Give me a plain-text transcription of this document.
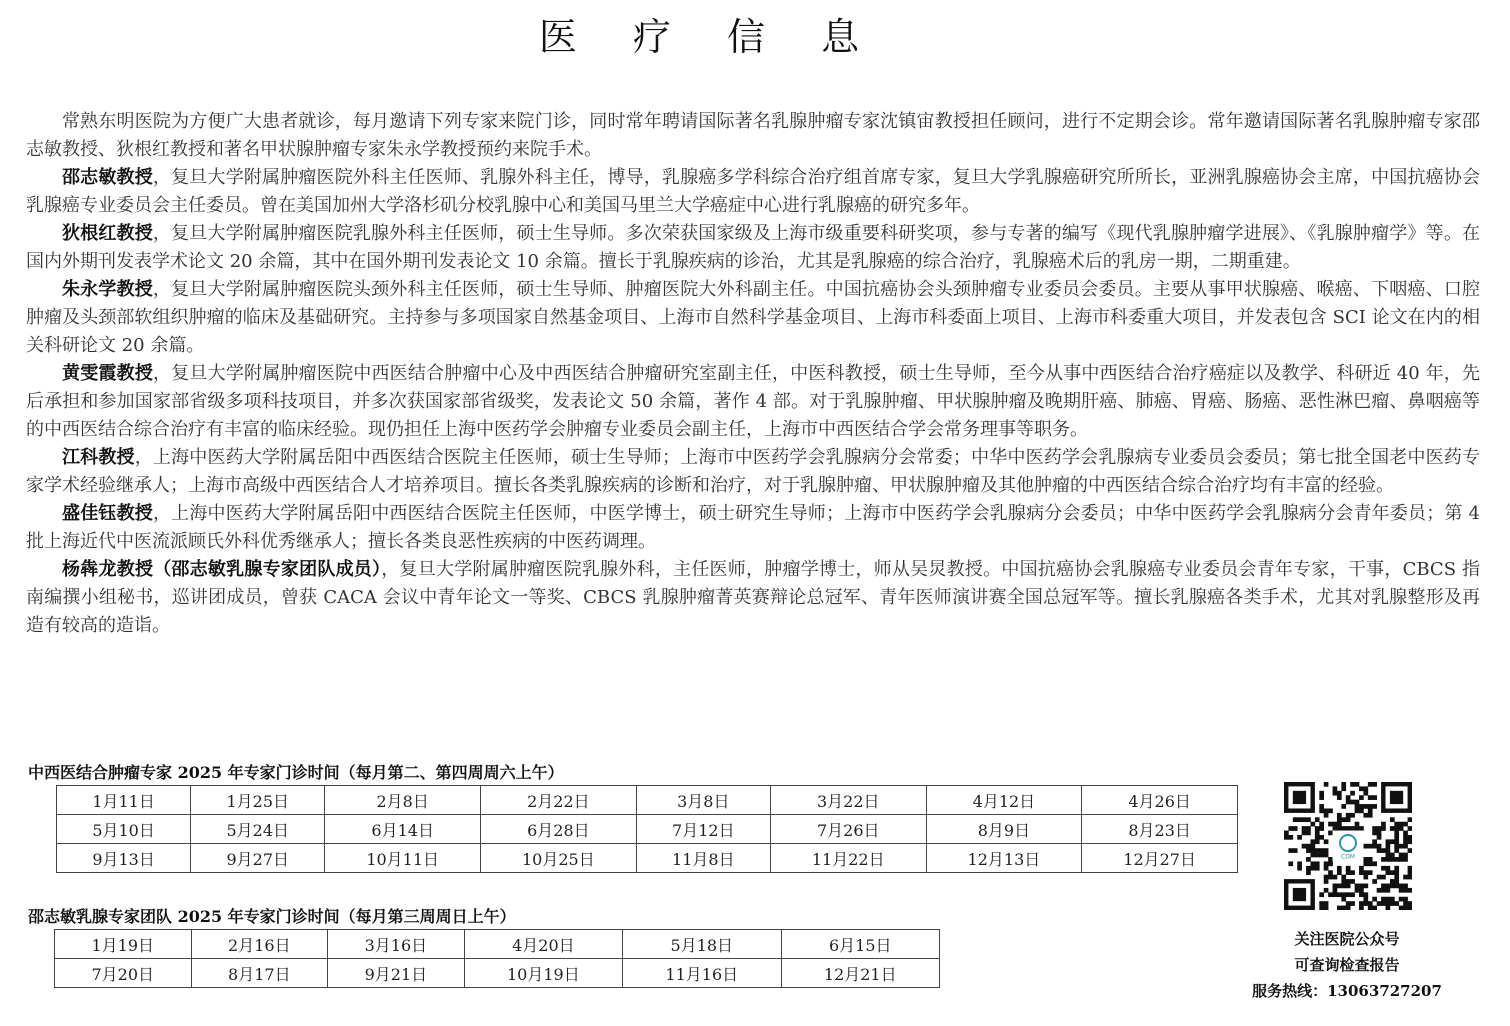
医 疗 信 息

常熟东明医院为方便广大患者就诊，每月邀请下列专家来院门诊，同时常年聘请国际著名乳腺肿瘤专家沈镇宙教授担任顾问，进行不定期会诊。常年邀请国际著名乳腺肿瘤专家邵志敏教授、狄根红教授和著名甲状腺肿瘤专家朱永学教授预约来院手术。

邵志敏教授，复旦大学附属肿瘤医院外科主任医师、乳腺外科主任，博导，乳腺癌多学科综合治疗组首席专家，复旦大学乳腺癌研究所所长，亚洲乳腺癌协会主席，中国抗癌协会乳腺癌专业委员会主任委员。曾在美国加州大学洛杉矶分校乳腺中心和美国马里兰大学癌症中心进行乳腺癌的研究多年。

狄根红教授，复旦大学附属肿瘤医院乳腺外科主任医师，硕士生导师。多次荣获国家级及上海市级重要科研奖项，参与专著的编写《现代乳腺肿瘤学进展》、《乳腺肿瘤学》等。在国内外期刊发表学术论文 20 余篇，其中在国外期刊发表论文 10 余篇。擅长于乳腺疾病的诊治，尤其是乳腺癌的综合治疗，乳腺癌术后的乳房一期，二期重建。

朱永学教授，复旦大学附属肿瘤医院头颈外科主任医师，硕士生导师、肿瘤医院大外科副主任。中国抗癌协会头颈肿瘤专业委员会委员。主要从事甲状腺癌、喉癌、下咽癌、口腔肿瘤及头颈部软组织肿瘤的临床及基础研究。主持参与多项国家自然基金项目、上海市自然科学基金项目、上海市科委面上项目、上海市科委重大项目，并发表包含 SCI 论文在内的相关科研论文 20 余篇。

黄雯霞教授，复旦大学附属肿瘤医院中西医结合肿瘤中心及中西医结合肿瘤研究室副主任，中医科教授，硕士生导师，至今从事中西医结合治疗癌症以及教学、科研近 40 年，先后承担和参加国家部省级多项科技项目，并多次获国家部省级奖，发表论文 50 余篇，著作 4 部。对于乳腺肿瘤、甲状腺肿瘤及晚期肝癌、肺癌、胃癌、肠癌、恶性淋巴瘤、鼻咽癌等的中西医结合综合治疗有丰富的临床经验。现仍担任上海中医药学会肿瘤专业委员会副主任，上海市中西医结合学会常务理事等职务。

江科教授，上海中医药大学附属岳阳中西医结合医院主任医师，硕士生导师；上海市中医药学会乳腺病分会常委；中华中医药学会乳腺病专业委员会委员；第七批全国老中医药专家学术经验继承人；上海市高级中西医结合人才培养项目。擅长各类乳腺疾病的诊断和治疗，对于乳腺肿瘤、甲状腺肿瘤及其他肿瘤的中西医结合综合治疗均有丰富的经验。

盛佳钰教授，上海中医药大学附属岳阳中西医结合医院主任医师，中医学博士，硕士研究生导师；上海市中医药学会乳腺病分会委员；中华中医药学会乳腺病分会青年委员；第 4 批上海近代中医流派顾氏外科优秀继承人；擅长各类良恶性疾病的中医药调理。

杨犇龙教授（邵志敏乳腺专家团队成员），复旦大学附属肿瘤医院乳腺外科，主任医师，肿瘤学博士，师从吴炅教授。中国抗癌协会乳腺癌专业委员会青年专家，干事，CBCS 指南编撰小组秘书，巡讲团成员，曾获 CACA 会议中青年论文一等奖、CBCS 乳腺肿瘤菁英赛辩论总冠军、青年医师演讲赛全国总冠军等。擅长乳腺癌各类手术，尤其对乳腺整形及再造有较高的造诣。

中西医结合肿瘤专家 2025 年专家门诊时间（每月第二、第四周周六上午）
1月11日	1月25日	2月8日	2月22日	3月8日	3月22日	4月12日	4月26日
5月10日	5月24日	6月14日	6月28日	7月12日	7月26日	8月9日	8月23日
9月13日	9月27日	10月11日	10月25日	11月8日	11月22日	12月13日	12月27日
邵志敏乳腺专家团队 2025 年专家门诊时间（每月第三周周日上午）
1月19日	2月16日	3月16日	4月20日	5月18日	6月15日
7月20日	8月17日	9月21日	10月19日	11月16日	12月21日
CDM
关注医院公众号
可查询检查报告
服务热线：13063727207
